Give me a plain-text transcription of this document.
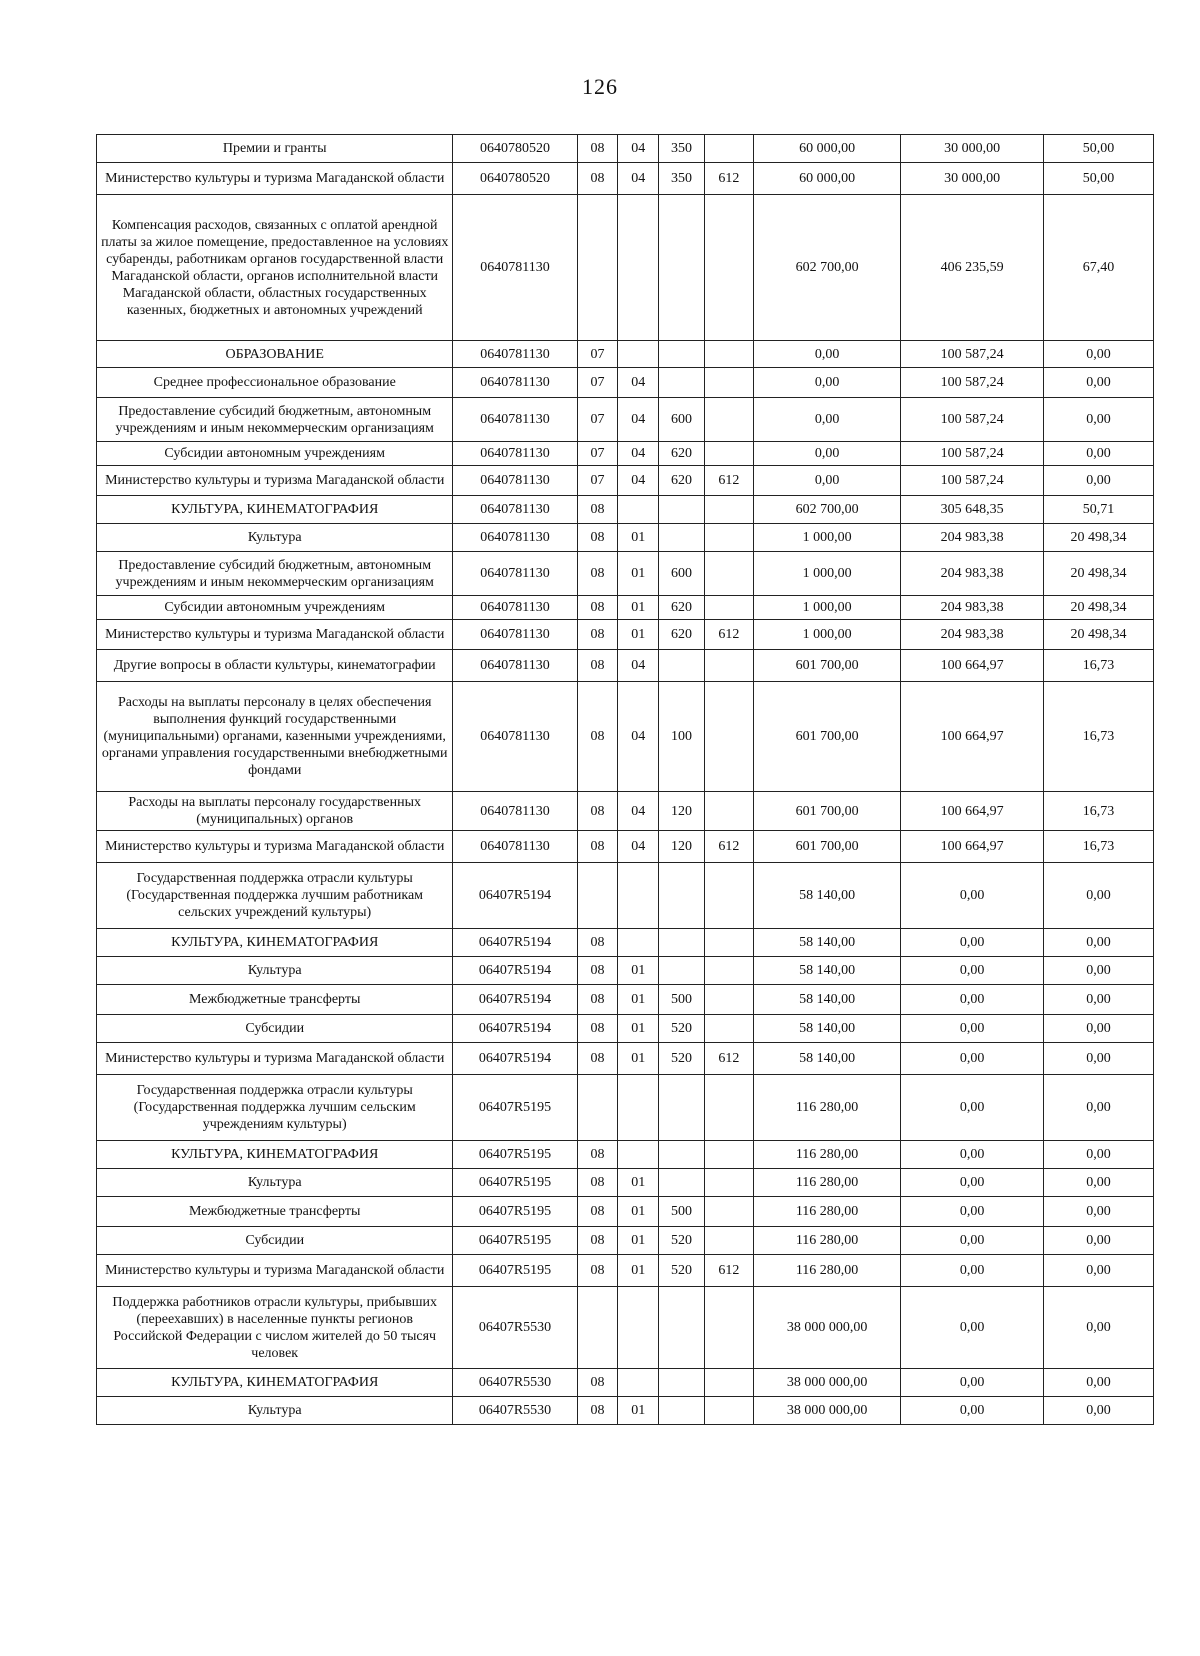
126
Премии и гранты	0640780520	08	04	350		60 000,00	30 000,00	50,00
Министерство культуры и туризма Магаданской области	0640780520	08	04	350	612	60 000,00	30 000,00	50,00
Компенсация расходов, связанных с оплатой арендной платы за жилое помещение, предоставленное на условиях субаренды, работникам органов государственной власти Магаданской области, органов исполнительной власти Магаданской области, областных государственных казенных, бюджетных и автономных учреждений	0640781130					602 700,00	406 235,59	67,40
ОБРАЗОВАНИЕ	0640781130	07				0,00	100 587,24	0,00
Среднее профессиональное образование	0640781130	07	04			0,00	100 587,24	0,00
Предоставление субсидий бюджетным, автономным учреждениям и иным некоммерческим организациям	0640781130	07	04	600		0,00	100 587,24	0,00
Субсидии автономным учреждениям	0640781130	07	04	620		0,00	100 587,24	0,00
Министерство культуры и туризма Магаданской области	0640781130	07	04	620	612	0,00	100 587,24	0,00
КУЛЬТУРА, КИНЕМАТОГРАФИЯ	0640781130	08				602 700,00	305 648,35	50,71
Культура	0640781130	08	01			1 000,00	204 983,38	20 498,34
Предоставление субсидий бюджетным, автономным учреждениям и иным некоммерческим организациям	0640781130	08	01	600		1 000,00	204 983,38	20 498,34
Субсидии автономным учреждениям	0640781130	08	01	620		1 000,00	204 983,38	20 498,34
Министерство культуры и туризма Магаданской области	0640781130	08	01	620	612	1 000,00	204 983,38	20 498,34
Другие вопросы в области культуры, кинематографии	0640781130	08	04			601 700,00	100 664,97	16,73
Расходы на выплаты персоналу в целях обеспечения выполнения функций государственными (муниципальными) органами, казенными учреждениями, органами управления государственными внебюджетными фондами	0640781130	08	04	100		601 700,00	100 664,97	16,73
Расходы на выплаты персоналу государственных (муниципальных) органов	0640781130	08	04	120		601 700,00	100 664,97	16,73
Министерство культуры и туризма Магаданской области	0640781130	08	04	120	612	601 700,00	100 664,97	16,73
Государственная поддержка отрасли культуры (Государственная поддержка лучшим работникам сельских учреждений культуры)	06407R5194					58 140,00	0,00	0,00
КУЛЬТУРА, КИНЕМАТОГРАФИЯ	06407R5194	08				58 140,00	0,00	0,00
Культура	06407R5194	08	01			58 140,00	0,00	0,00
Межбюджетные трансферты	06407R5194	08	01	500		58 140,00	0,00	0,00
Субсидии	06407R5194	08	01	520		58 140,00	0,00	0,00
Министерство культуры и туризма Магаданской области	06407R5194	08	01	520	612	58 140,00	0,00	0,00
Государственная поддержка отрасли культуры (Государственная поддержка лучшим сельским учреждениям культуры)	06407R5195					116 280,00	0,00	0,00
КУЛЬТУРА, КИНЕМАТОГРАФИЯ	06407R5195	08				116 280,00	0,00	0,00
Культура	06407R5195	08	01			116 280,00	0,00	0,00
Межбюджетные трансферты	06407R5195	08	01	500		116 280,00	0,00	0,00
Субсидии	06407R5195	08	01	520		116 280,00	0,00	0,00
Министерство культуры и туризма Магаданской области	06407R5195	08	01	520	612	116 280,00	0,00	0,00
Поддержка работников отрасли культуры, прибывших (переехавших) в населенные пункты регионов Российской Федерации с числом жителей до 50 тысяч человек	06407R5530					38 000 000,00	0,00	0,00
КУЛЬТУРА, КИНЕМАТОГРАФИЯ	06407R5530	08				38 000 000,00	0,00	0,00
Культура	06407R5530	08	01			38 000 000,00	0,00	0,00
